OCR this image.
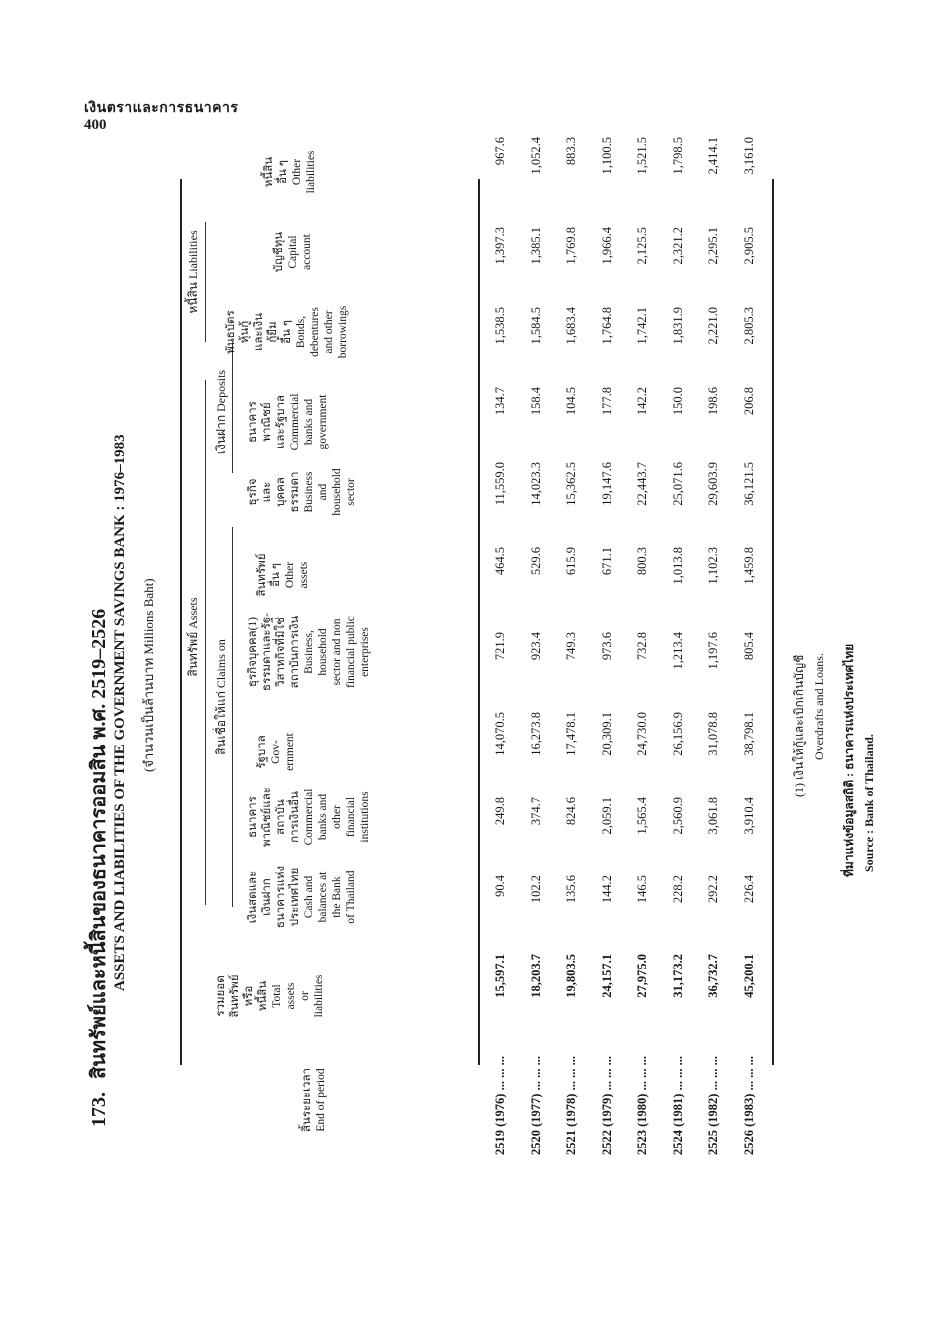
เงินตราและการธนาคาร
400
173. สินทรัพย์และหนี้สินของธนาคารออมสิน พ.ศ. 2519–2526 ASSETS AND LIABILITIES OF THE GOVERNMENT SAVINGS BANK : 1976–1983 (จำนวนเป็นล้านบาท Millions Baht)	สินทรัพย์ Assets
หนี้สิน Liabilities
สินเชื่อให้แก่ Claims on
เงินฝาก Deposits
สิ้นระยะเวลา End of period
รวมยอด สินทรัพย์ หรือ หนี้สิน Total assets or liabilities
เงินสดและ เงินฝาก ธนาคารแห่ง ประเทศไทย Cash and balances at the Bank of Thailand
ธนาคาร พาณิชย์และ สถาบัน การเงินอื่น Commercial banks and other financial institutions
รัฐบาล Gov- ernment
ธุรกิจบุคคล(1) ธรรมดาและรัฐ- วิสาหกิจที่มิใช่ สถาบันการเงิน Business, household sector and non financial public enterprises
สินทรัพย์ อื่น ๆ Other assets
ธุรกิจ และ บุคคล ธรรมดา Business and household sector
ธนาคาร พาณิชย์ และรัฐบาล Commercial banks and government
พันธบัตร หุ้นกู้ และเงิน กู้ยืม อื่น ๆ Bonds, debentures and other borrowings
บัญชีทุน Capital account
หนี้สิน อื่น ๆ Other liabilities
2519 (1976) ... ... ...
15,597.1
90.4
249.8
14,070.5
721.9
464.5
11,559.0
134.7
1,538.5
1,397.3
967.6
2520 (1977) ... ... ...
18,203.7
102.2
374.7
16,273.8
923.4
529.6
14,023.3
158.4
1,584.5
1,385.1
1,052.4
2521 (1978) ... ... ...
19,803.5
135.6
824.6
17,478.1
749.3
615.9
15,362.5
104.5
1,683.4
1,769.8
883.3
2522 (1979) ... ... ...
24,157.1
144.2
2,059.1
20,309.1
973.6
671.1
19,147.6
177.8
1,764.8
1,966.4
1,100.5
2523 (1980) ... ... ...
27,975.0
146.5
1,565.4
24,730.0
732.8
800.3
22,443.7
142.2
1,742.1
2,125.5
1,521.5
2524 (1981) ... ... ...
31,173.2
228.2
2,560.9
26,156.9
1,213.4
1,013.8
25,071.6
150.0
1,831.9
2,321.2
1,798.5
2525 (1982) ... ... ...
36,732.7
292.2
3,061.8
31,078.8
1,197.6
1,102.3
29,603.9
198.6
2,221.0
2,295.1
2,414.1
2526 (1983) ... ... ...
45,200.1
226.4
3,910.4
38,798.1
805.4
1,459.8
36,121.5
206.8
2,805.3
2,905.5
3,161.0
(1) เงินให้กู้และเบิกเกินบัญชี Overdrafts and Loans. ที่มาแห่งข้อมูลสถิติ : ธนาคารแห่งประเทศไทย Source : Bank of Thailand.
